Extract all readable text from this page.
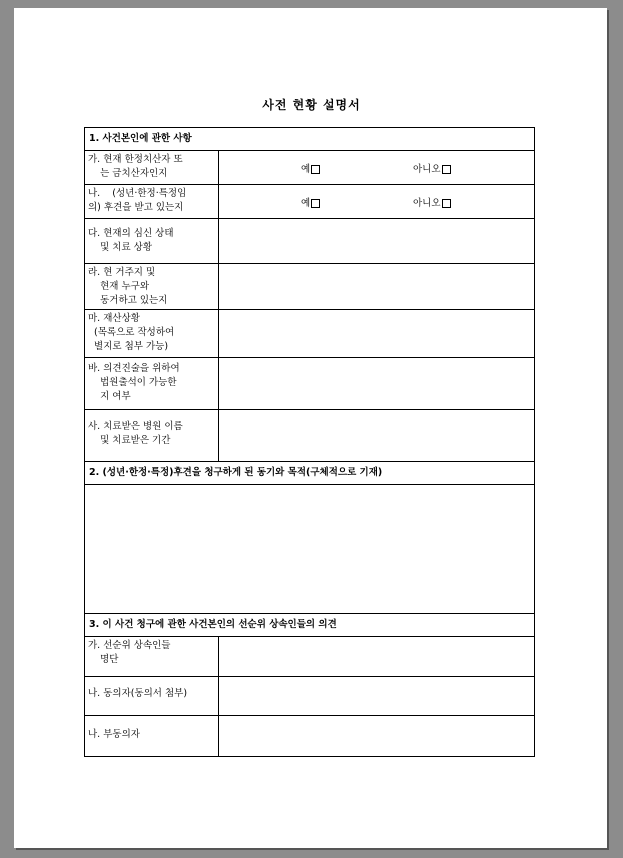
사전 현황 설명서
1. 사건본인에 관한 사항
가. 현재 한정치산자 또
는 금치산자인지	예	아니오
나.    (성년·한정·특정임
의) 후견을 받고 있는지	예	아니오
다. 현재의 심신 상태
및 치료 상황
라. 현 거주지 및
현재 누구와
동거하고 있는지
마. 재산상황
(목록으로 작성하여
별지로 첨부 가능)
바. 의견진술을 위하여
법원출석이 가능한
지 여부
사. 치료받은 병원 이름
및 치료받은 기간
2. (성년·한정·특정)후견을 청구하게 된 동기와 목적(구체적으로 기재)
3. 이 사건 청구에 관한 사건본인의 선순위 상속인들의 의견
가. 선순위 상속인들
명단
나. 동의자(동의서 첨부)
나. 부동의자
